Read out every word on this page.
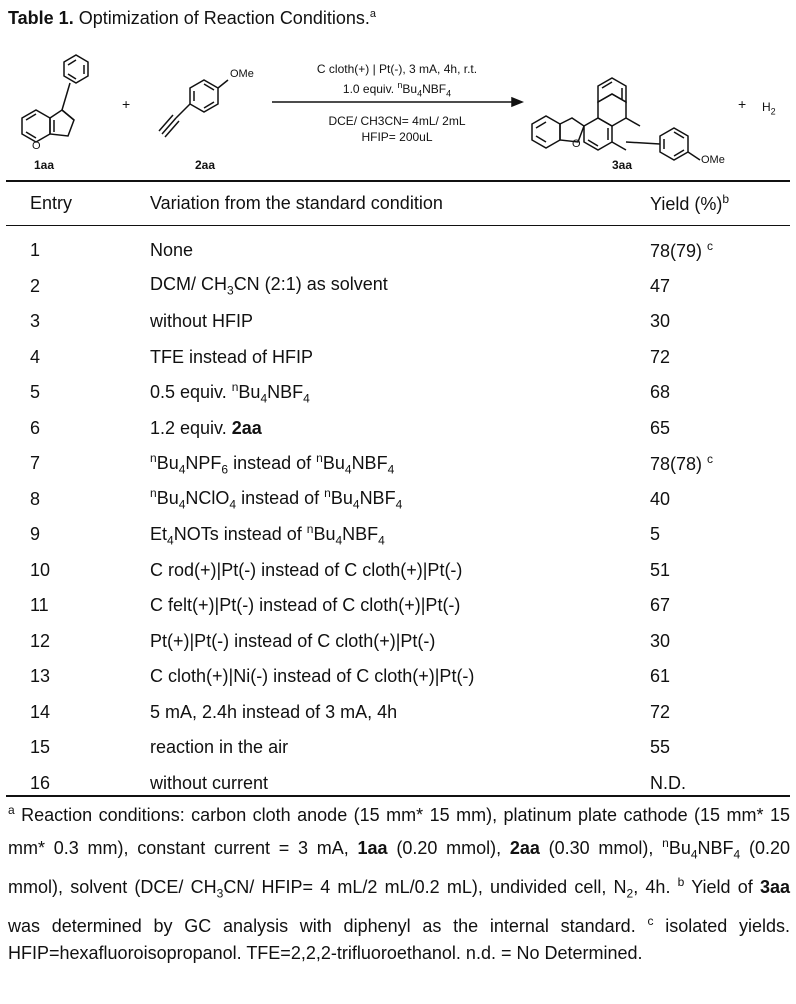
Table 1. Optimization of Reaction Conditions.$^a$
OMe
OMe
O	O
1aa	2aa	3aa
+	+ $H_2$
C cloth(+) | Pt(-), 3 mA, 4h, r.t.
1.0 equiv. $^nBu_4NBF_4$
DCE/ CH3CN= 4mL/ 2mL
HFIP= 200uL
Entry	Variation from the standard condition	Yield (%)$^b$
1	None	78(79) $^c$
2	DCM/ $CH_3CN$ (2:1) as solvent	47
3	without HFIP	30
4	TFE instead of HFIP	72
5	0.5 equiv. $^nBu_4NBF_4$	68
6	1.2 equiv. 2aa	65
7	$^nBu_4NPF_6$ instead of $^nBu_4NBF_4$	78(78) $^c$
8	$^nBu_4NClO_4$ instead of $^nBu_4NBF_4$	40
9	$Et_4NOTs$ instead of $^nBu_4NBF_4$	5
10	C rod(+)|Pt(-) instead of C cloth(+)|Pt(-)	51
11	C felt(+)|Pt(-) instead of C cloth(+)|Pt(-)	67
12	Pt(+)|Pt(-) instead of C cloth(+)|Pt(-)	30
13	C cloth(+)|Ni(-) instead of C cloth(+)|Pt(-)	61
14	5 mA, 2.4h instead of 3 mA, 4h	72
15	reaction in the air	55
16	without current	N.D.
$^a$ Reaction conditions: carbon cloth anode (15 mm* 15 mm), platinum plate cathode (15 mm* 15 mm* 0.3 mm), constant current = 3 mA, 1aa (0.20 mmol), 2aa (0.30 mmol), $^nBu_4NBF_4$ (0.20 mmol), solvent (DCE/ $CH_3CN/$ HFIP= 4 mL/2 mL/0.2 mL), undivided cell, $N_2$, 4h. $^b$ Yield of 3aa was determined by GC analysis with diphenyl as the internal standard. $^c$ isolated yields. HFIP=hexafluoroisopropanol. TFE=2,2,2-trifluoroethanol. n.d. = No Determined.
